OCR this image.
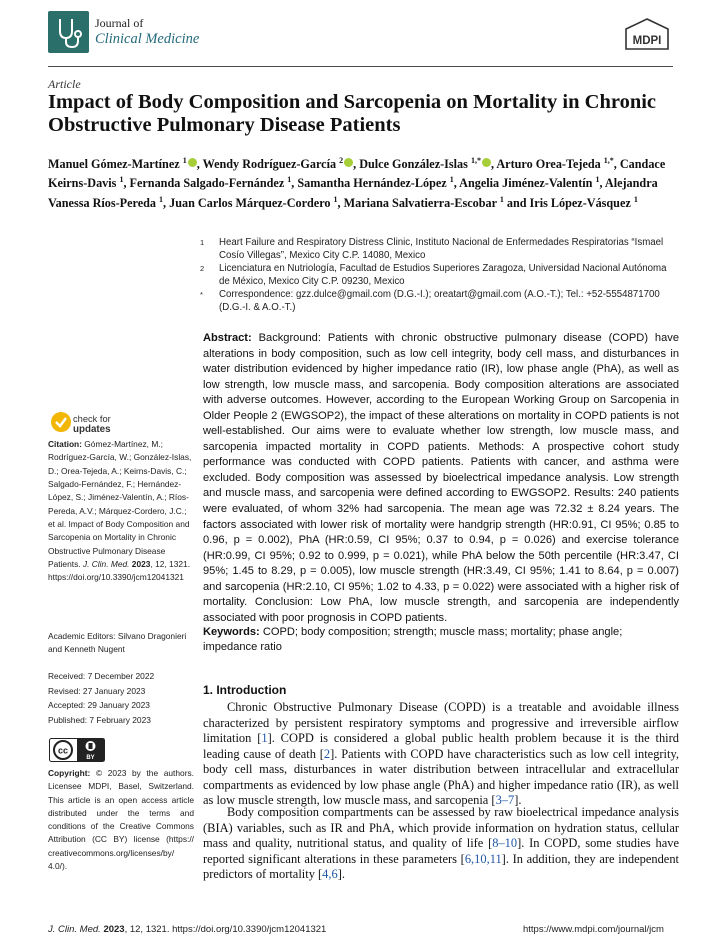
Journal of
Clinical Medicine	MDPI
Article
Impact of Body Composition and Sarcopenia on Mortality in Chronic Obstructive Pulmonary Disease Patients
Manuel Gómez-Martínez $^1$ , Wendy Rodríguez-García $^2$ , Dulce González-Islas $^{1,*}$ , Arturo Orea-Tejeda $^{1,*}$, Candace Keirns-Davis $^1$, Fernanda Salgado-Fernández $^1$, Samantha Hernández-López $^1$, Angelia Jiménez-Valentín $^1$, Alejandra Vanessa Ríos-Pereda $^1$, Juan Carlos Márquez-Cordero $^1$, Mariana Salvatierra-Escobar $^1$ and Iris López-Vásquez $^1$
1 Heart Failure and Respiratory Distress Clinic, Instituto Nacional de Enfermedades Respiratorias “Ismael Cosío Villegas”, Mexico City C.P. 14080, Mexico
2 Licenciatura en Nutriología, Facultad de Estudios Superiores Zaragoza, Universidad Nacional Autónoma de México, Mexico City C.P. 09230, Mexico
* Correspondence: gzz.dulce@gmail.com (D.G.-I.); oreatart@gmail.com (A.O.-T.); Tel.: +52-5554871700 (D.G.-I. & A.O.-T.)
Abstract: Background: Patients with chronic obstructive pulmonary disease (COPD) have alterations in body composition, such as low cell integrity, body cell mass, and disturbances in water distribution evidenced by higher impedance ratio (IR), low phase angle (PhA), as well as low strength, low muscle mass, and sarcopenia. Body composition alterations are associated with adverse outcomes. However, according to the European Working Group on Sarcopenia in Older People 2 (EWGSOP2), the impact of these alterations on mortality in COPD patients is not well-established. Our aims were to evaluate whether low strength, low muscle mass, and sarcopenia impacted mortality in COPD patients. Methods: A prospective cohort study performance was conducted with COPD patients. Patients with cancer, and asthma were excluded. Body composition was assessed by bioelectrical impedance analysis. Low strength and muscle mass, and sarcopenia were defined according to EWGSOP2. Results: 240 patients were evaluated, of whom 32% had sarcopenia. The mean age was 72.32 ± 8.24 years. The factors associated with lower risk of mortality were handgrip strength (HR:0.91, CI 95%; 0.85 to 0.96, p = 0.002), PhA (HR:0.59, CI 95%; 0.37 to 0.94, p = 0.026) and exercise tolerance (HR:0.99, CI 95%; 0.92 to 0.999, p = 0.021), while PhA below the 50th percentile (HR:3.47, CI 95%; 1.45 to 8.29, p = 0.005), low muscle strength (HR:3.49, CI 95%; 1.41 to 8.64, p = 0.007) and sarcopenia (HR:2.10, CI 95%; 1.02 to 4.33, p = 0.022) were associated with a higher risk of mortality. Conclusion: Low PhA, low muscle strength, and sarcopenia are independently associated with poor prognosis in COPD patients.
Keywords: COPD; body composition; strength; muscle mass; mortality; phase angle; impedance ratio
check for
updates
Citation: Gómez-Martínez, M.; Rodríguez-García, W.; González-Islas, D.; Orea-Tejeda, A.; Keirns-Davis, C.; Salgado-Fernández, F.; Hernández-López, S.; Jiménez-Valentín, A.; Ríos-Pereda, A.V.; Márquez-Cordero, J.C.; et al. Impact of Body Composition and Sarcopenia on Mortality in Chronic Obstructive Pulmonary Disease Patients. J. Clin. Med. 2023, 12, 1321. https://doi.org/10.3390/jcm12041321
Academic Editors: Silvano Dragonieri and Kenneth Nugent
Received: 7 December 2022
Revised: 27 January 2023
Accepted: 29 January 2023
Published: 7 February 2023
cc
BY
Copyright: © 2023 by the authors. Licensee MDPI, Basel, Switzerland. This article is an open access article distributed under the terms and conditions of the Creative Commons Attribution (CC BY) license (https:// creativecommons.org/licenses/by/ 4.0/).
1. Introduction
Chronic Obstructive Pulmonary Disease (COPD) is a treatable and avoidable illness characterized by persistent respiratory symptoms and progressive and irreversible airflow limitation [1]. COPD is considered a global public health problem because it is the third leading cause of death [2]. Patients with COPD have characteristics such as low cell integrity, body cell mass, disturbances in water distribution between intracellular and extracellular compartments as evidenced by low phase angle (PhA) and higher impedance ratio (IR), as well as low muscle strength, low muscle mass, and sarcopenia [3–7].
Body composition compartments can be assessed by raw bioelectrical impedance analysis (BIA) variables, such as IR and PhA, which provide information on hydration status, cellular mass and quality, nutritional status, and quality of life [8–10]. In COPD, some studies have reported significant alterations in these parameters [6,10,11]. In addition, they are independent predictors of mortality [4,6].
J. Clin. Med. 2023, 12, 1321. https://doi.org/10.3390/jcm12041321	https://www.mdpi.com/journal/jcm
